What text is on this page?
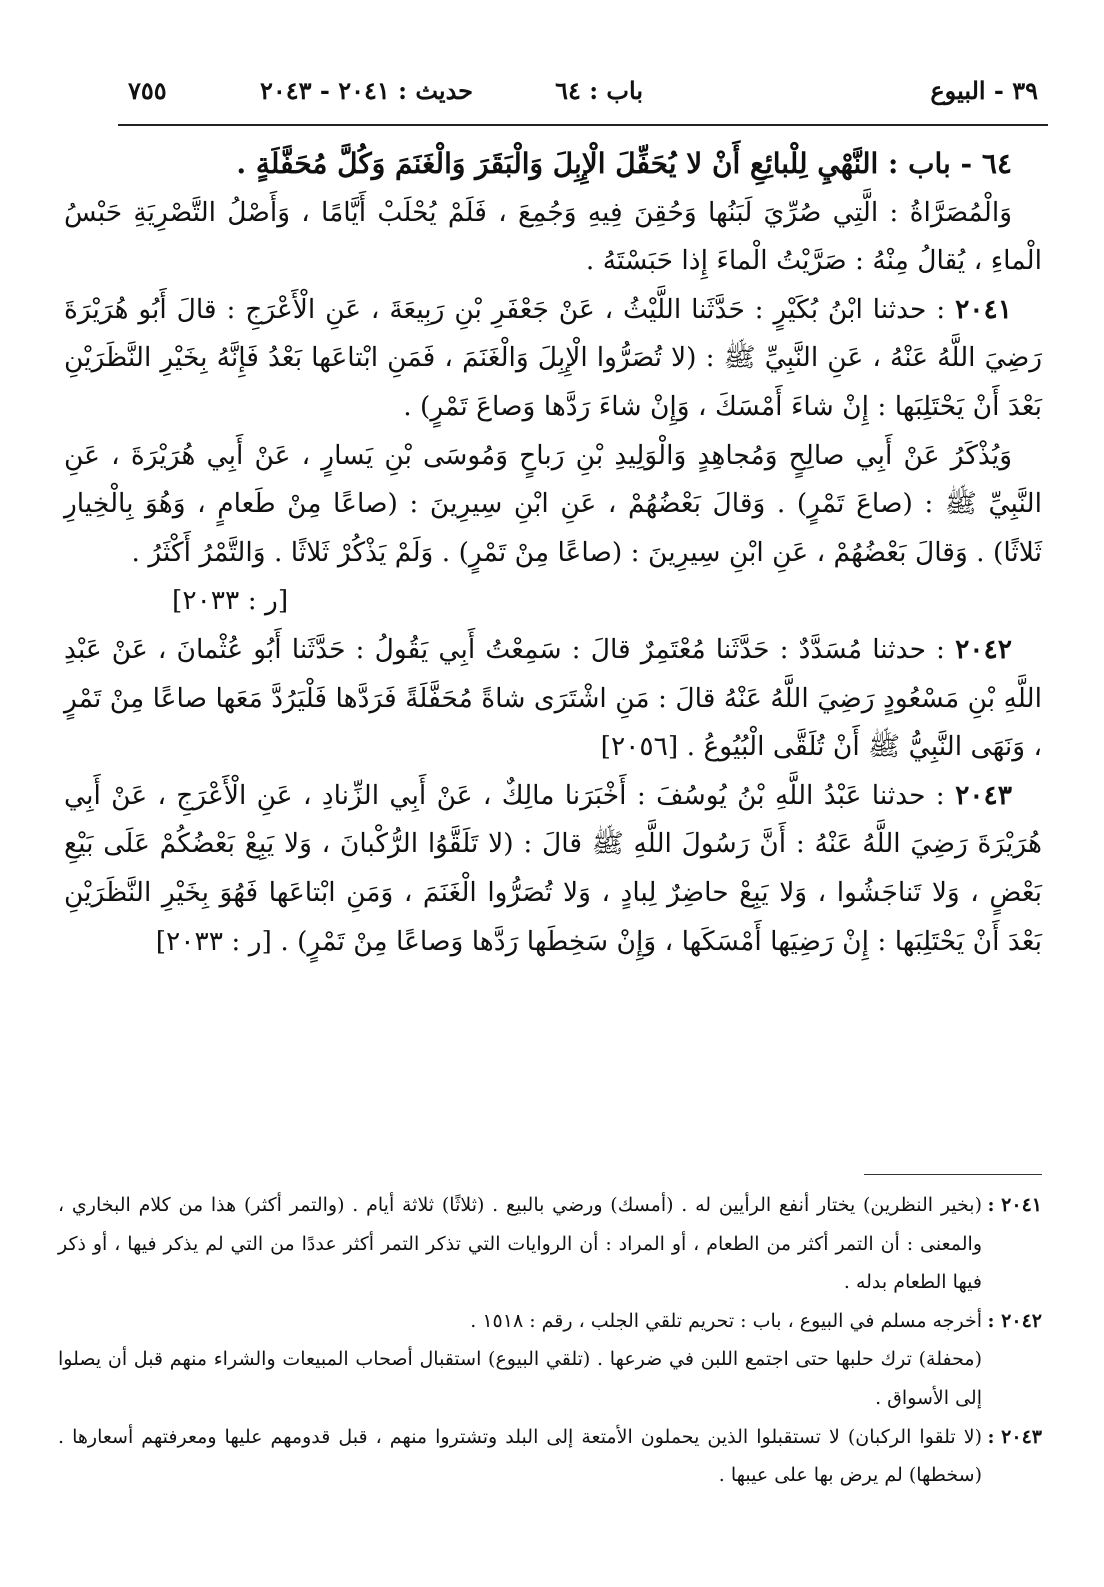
٣٩ - البيوع
باب : ٦٤
حديث : ٢٠٤١ - ٢٠٤٣
٧٥٥

٦٤ - باب : النَّهْيِ لِلْبائِعِ أَنْ لا يُحَفِّلَ الْإِبِلَ وَالْبَقَرَ وَالْغَنَمَ وَكُلَّ مُحَفَّلَةٍ .

وَالْمُصَرَّاةُ : الَّتِي صُرِّيَ لَبَنُها وَحُقِنَ فِيهِ وَجُمِعَ ، فَلَمْ يُحْلَبْ أَيَّامًا ، وَأَصْلُ التَّصْرِيَةِ حَبْسُ الْماءِ ، يُقالُ مِنْهُ : صَرَّيْتُ الْماءَ إِذا حَبَسْتَهُ .

٢٠٤١ : حدثنا ابْنُ بُكَيْرٍ : حَدَّثَنا اللَّيْثُ ، عَنْ جَعْفَرِ بْنِ رَبِيعَةَ ، عَنِ الْأَعْرَجِ : قالَ أَبُو هُرَيْرَةَ رَضِيَ اللَّهُ عَنْهُ ، عَنِ النَّبِيِّ ﷺ : (لا تُصَرُّوا الْإِبِلَ وَالْغَنَمَ ، فَمَنِ ابْتاعَها بَعْدُ فَإِنَّهُ بِخَيْرِ النَّظَرَيْنِ بَعْدَ أَنْ يَحْتَلِبَها : إِنْ شاءَ أَمْسَكَ ، وَإِنْ شاءَ رَدَّها وَصاعَ تَمْرٍ) .

وَيُذْكَرُ عَنْ أَبِي صالِحٍ وَمُجاهِدٍ وَالْوَلِيدِ بْنِ رَباحٍ وَمُوسَى بْنِ يَسارٍ ، عَنْ أَبِي هُرَيْرَةَ ، عَنِ النَّبِيِّ ﷺ : (صاعَ تَمْرٍ) . وَقالَ بَعْضُهُمْ ، عَنِ ابْنِ سِيرِينَ : (صاعًا مِنْ طَعامٍ ، وَهُوَ بِالْخِيارِ ثَلاثًا) . وَقالَ بَعْضُهُمْ ، عَنِ ابْنِ سِيرِينَ : (صاعًا مِنْ تَمْرٍ) . وَلَمْ يَذْكُرْ ثَلاثًا . وَالتَّمْرُ أَكْثَرُ .

[ر : ٢٠٣٣]

٢٠٤٢ : حدثنا مُسَدَّدٌ : حَدَّثَنا مُعْتَمِرٌ قالَ : سَمِعْتُ أَبِي يَقُولُ : حَدَّثَنا أَبُو عُثْمانَ ، عَنْ عَبْدِ اللَّهِ بْنِ مَسْعُودٍ رَضِيَ اللَّهُ عَنْهُ قالَ : مَنِ اشْتَرَى شاةً مُحَفَّلَةً فَرَدَّها فَلْيَرُدَّ مَعَها صاعًا مِنْ تَمْرٍ ، وَنَهَى النَّبِيُّ ﷺ أَنْ تُلَقَّى الْبُيُوعُ . [٢٠٥٦]

٢٠٤٣ : حدثنا عَبْدُ اللَّهِ بْنُ يُوسُفَ : أَخْبَرَنا مالِكٌ ، عَنْ أَبِي الزِّنادِ ، عَنِ الْأَعْرَجِ ، عَنْ أَبِي هُرَيْرَةَ رَضِيَ اللَّهُ عَنْهُ : أَنَّ رَسُولَ اللَّهِ ﷺ قالَ : (لا تَلَقَّوُا الرُّكْبانَ ، وَلا يَبِعْ بَعْضُكُمْ عَلَى بَيْعِ بَعْضٍ ، وَلا تَناجَشُوا ، وَلا يَبِعْ حاضِرٌ لِبادٍ ، وَلا تُصَرُّوا الْغَنَمَ ، وَمَنِ ابْتاعَها فَهُوَ بِخَيْرِ النَّظَرَيْنِ بَعْدَ أَنْ يَحْتَلِبَها : إِنْ رَضِيَها أَمْسَكَها ، وَإِنْ سَخِطَها رَدَّها وَصاعًا مِنْ تَمْرٍ) . [ر : ٢٠٣٣]

٢٠٤١ :

(بخير النظرين) يختار أنفع الرأيين له . (أمسك) ورضي بالبيع . (ثلاثًا) ثلاثة أيام . (والتمر أكثر) هذا من كلام البخاري ، والمعنى : أن التمر أكثر من الطعام ، أو المراد : أن الروايات التي تذكر التمر أكثر عددًا من التي لم يذكر فيها ، أو ذكر فيها الطعام بدله .

٢٠٤٢ :

أخرجه مسلم في البيوع ، باب : تحريم تلقي الجلب ، رقم : ١٥١٨ .

(محفلة) ترك حلبها حتى اجتمع اللبن في ضرعها . (تلقي البيوع) استقبال أصحاب المبيعات والشراء منهم قبل أن يصلوا إلى الأسواق .

٢٠٤٣ :

(لا تلقوا الركبان) لا تستقبلوا الذين يحملون الأمتعة إلى البلد وتشتروا منهم ، قبل قدومهم عليها ومعرفتهم أسعارها . (سخطها) لم يرض بها على عيبها .
